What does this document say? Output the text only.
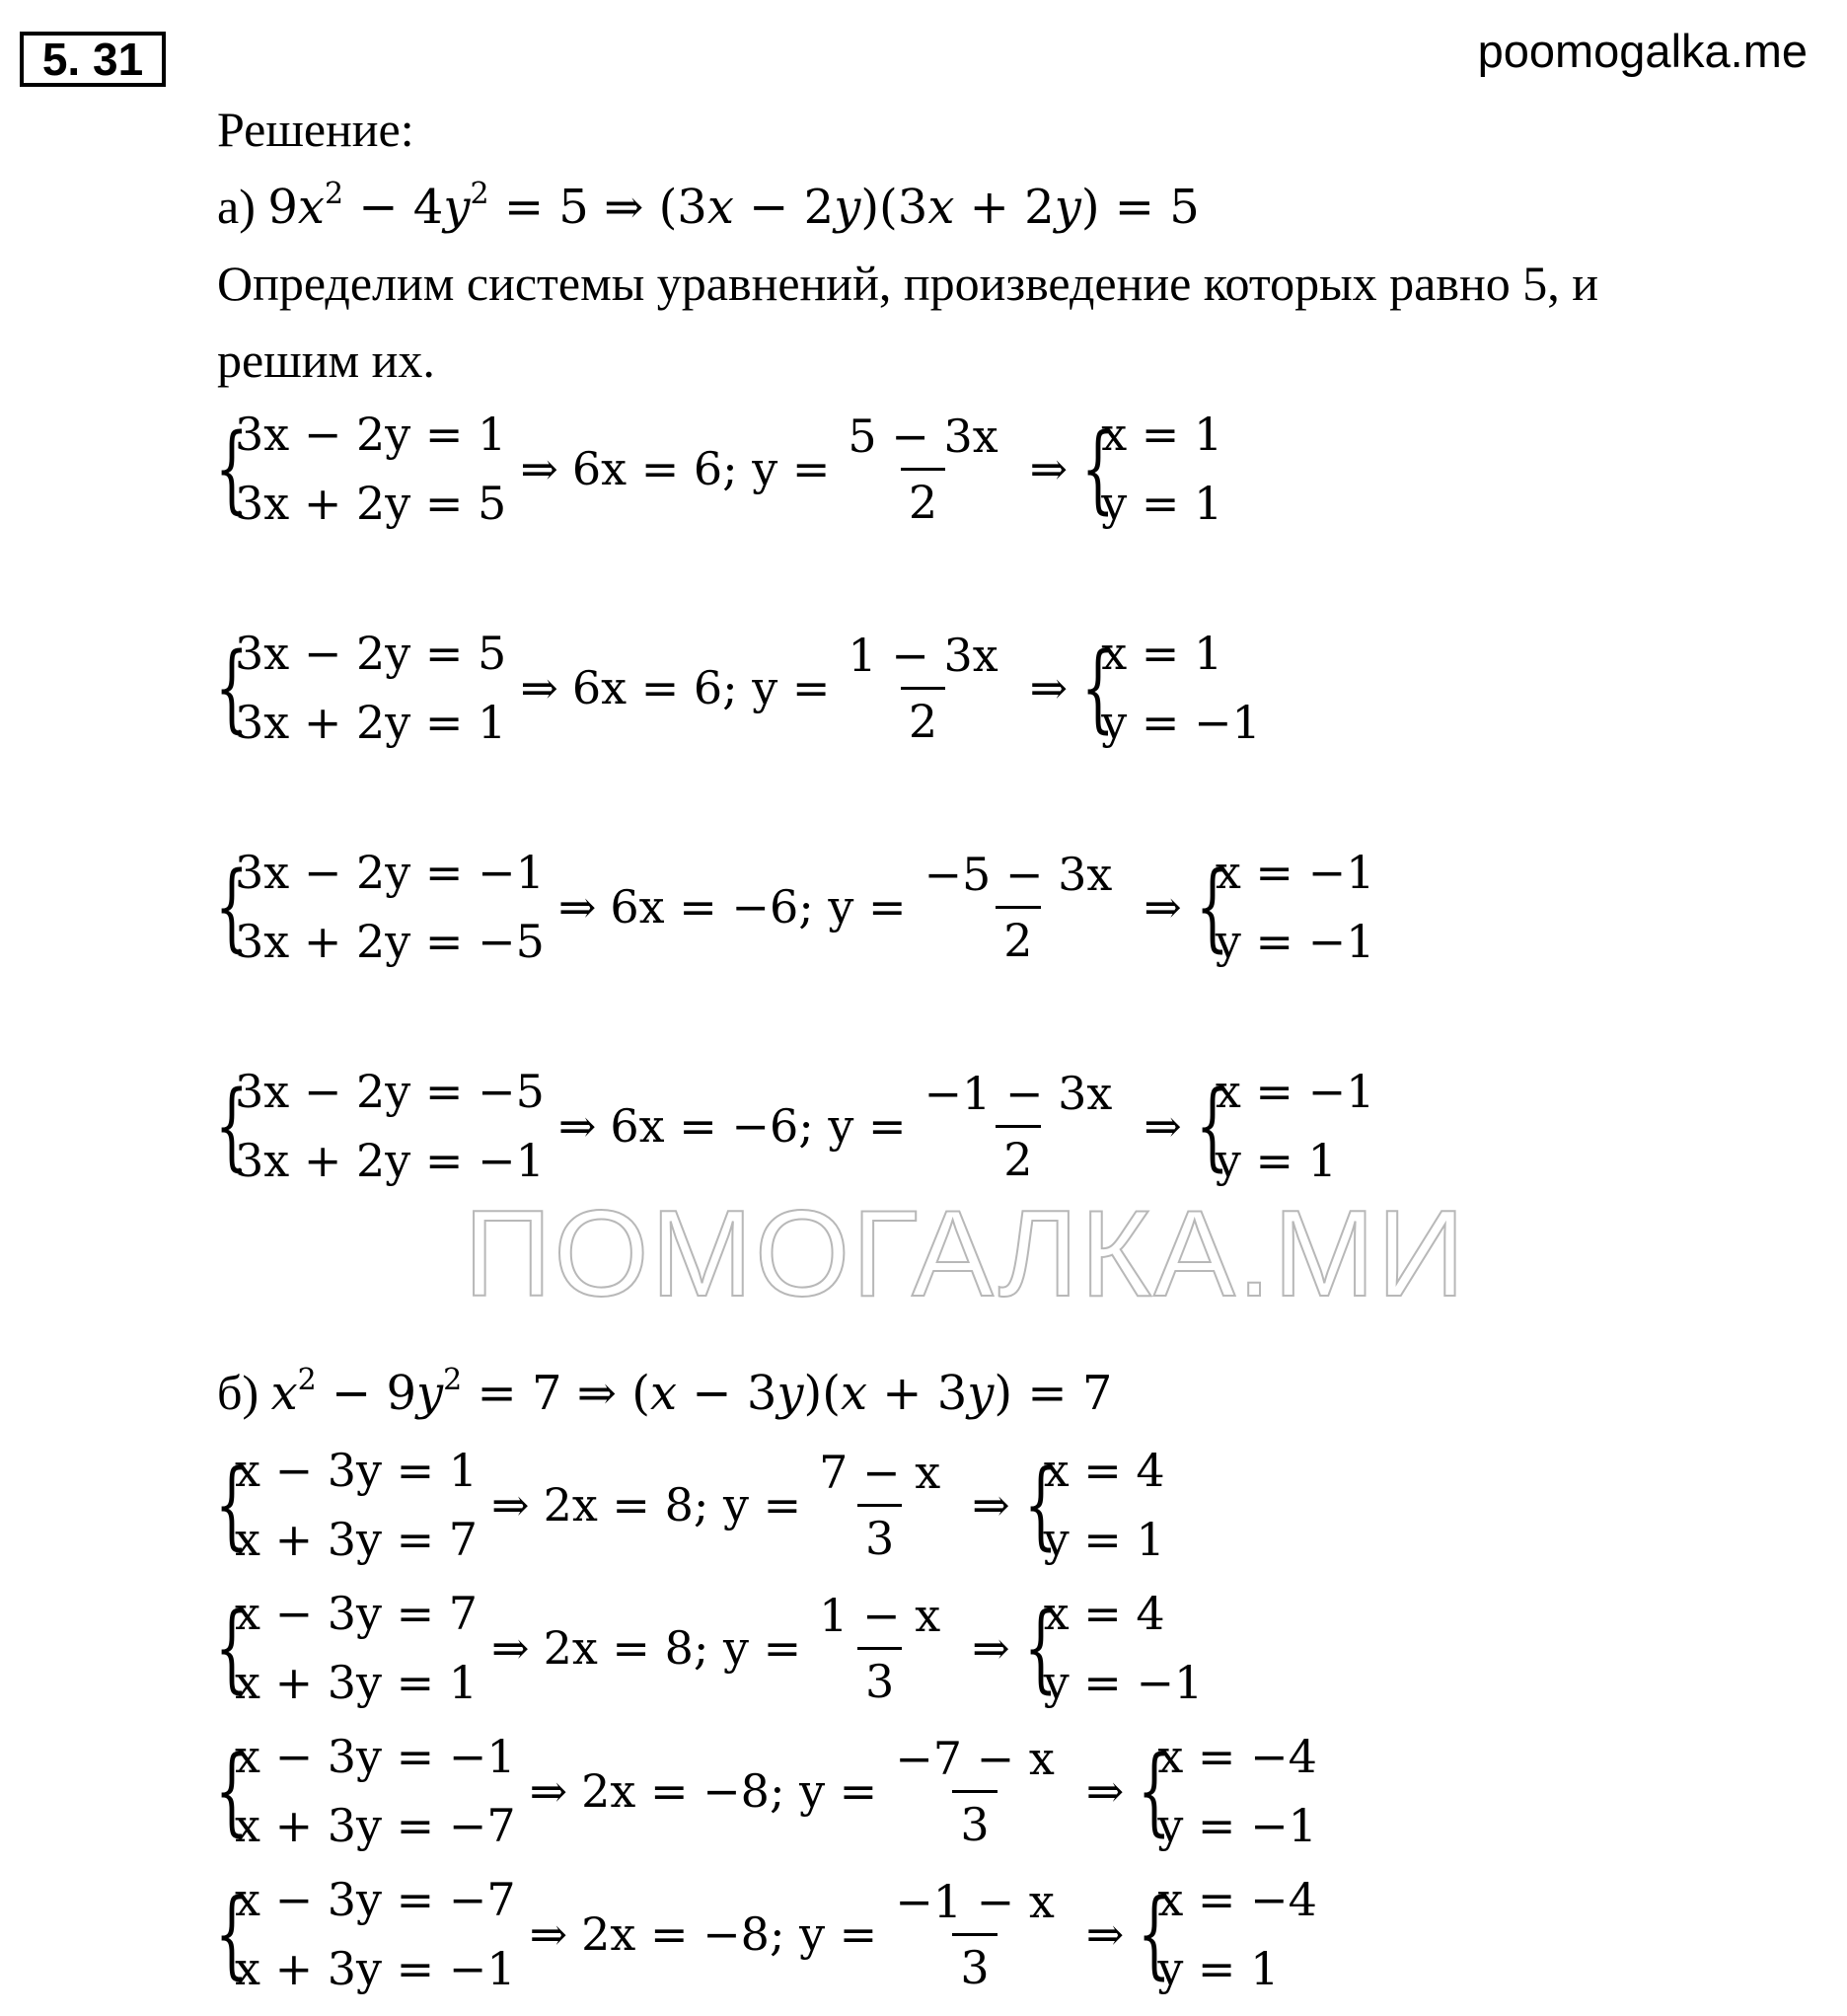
5. 31	poomogalka.me
Решение:
а) $9x^2 - 4y^2 = 5$ ⇒ (3x − 2y)(3x + 2y) = 5
Определим системы уравнений, произведение которых равно 5, и
решим их.
{
3x − 2y = 1
3x + 2y = 5
⇒ 6x = 6; $y = \frac{5 - 3x}{2}$ ⇒ {
x = 1
y = 1
{
3x − 2y = 5
3x + 2y = 1
⇒ 6x = 6; $y = \frac{1 - 3x}{2}$ ⇒ {
x = 1
y = −1
{
3x − 2y = −1
3x + 2y = −5
⇒ 6x = −6; $y = \frac{-5 - 3x}{2}$ ⇒ {
x = −1
y = −1
{
3x − 2y = −5
3x + 2y = −1
⇒ 6x = −6; $y = \frac{-1 - 3x}{2}$ ⇒ {
x = −1
y = 1
ПОМОГАЛКА.МИ
б) $x^2 - 9y^2 = 7$ ⇒ (x − 3y)(x + 3y) = 7
{
x − 3y = 1
x + 3y = 7
⇒ 2x = 8; $y = \frac{7 - x}{3}$ ⇒ {
x = 4
y = 1
{
x − 3y = 7
x + 3y = 1
⇒ 2x = 8; $y = \frac{1 - x}{3}$ ⇒ {
x = 4
y = −1
{
x − 3y = −1
x + 3y = −7
⇒ 2x = −8; $y = \frac{-7 - x}{3}$ ⇒ {
x = −4
y = −1
{
x − 3y = −7
x + 3y = −1
⇒ 2x = −8; $y = \frac{-1 - x}{3}$ ⇒ {
x = −4
y = 1
